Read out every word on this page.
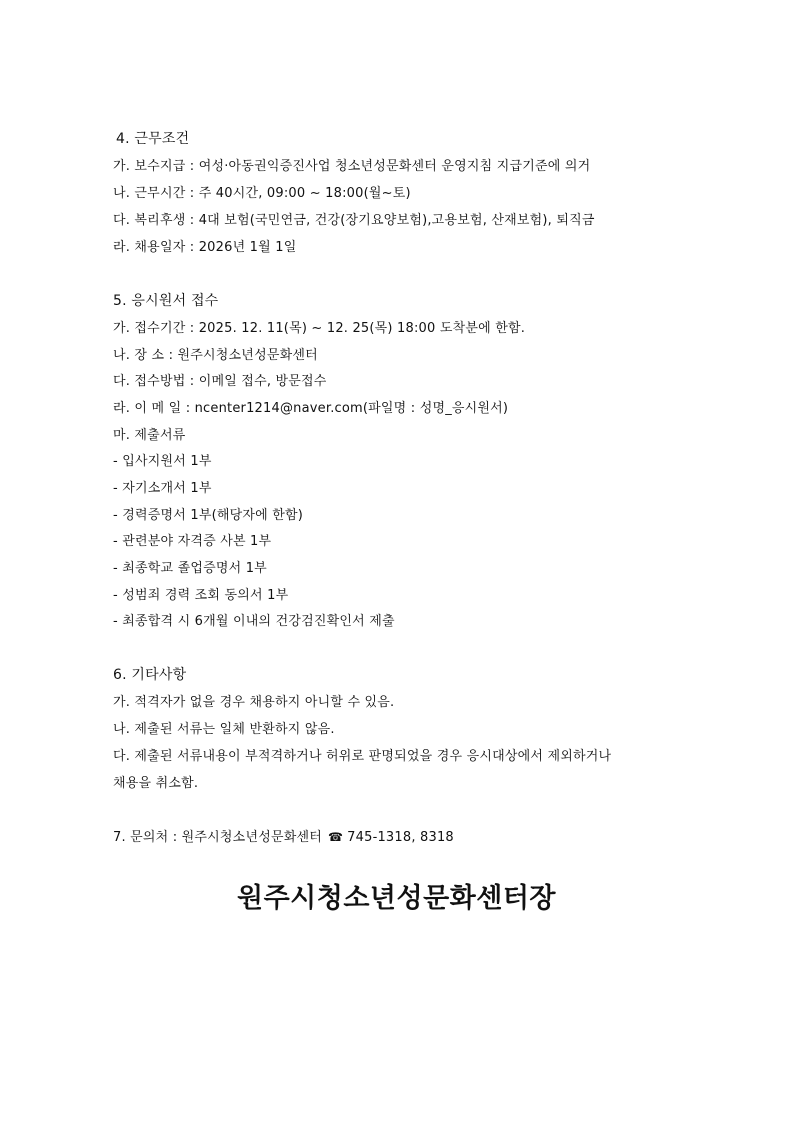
4. 근무조건
가. 보수지급 : 여성·아동권익증진사업 청소년성문화센터 운영지침 지급기준에 의거
나. 근무시간 : 주 40시간, 09:00 ~ 18:00(월~토)
다. 복리후생 : 4대 보험(국민연금, 건강(장기요양보험),고용보험, 산재보험), 퇴직금
라. 채용일자 : 2026년 1월 1일
5. 응시원서 접수
가. 접수기간 : 2025. 12. 11(목) ~ 12. 25(목) 18:00 도착분에 한함.
나. 장 소 : 원주시청소년성문화센터
다. 접수방법 : 이메일 접수, 방문접수
라. 이 메 일 : ncenter1214@naver.com(파일명 : 성명_응시원서)
마. 제출서류
- 입사지원서 1부
- 자기소개서 1부
- 경력증명서 1부(해당자에 한함)
- 관련분야 자격증 사본 1부
- 최종학교 졸업증명서 1부
- 성범죄 경력 조회 동의서 1부
- 최종합격 시 6개월 이내의 건강검진확인서 제출
6. 기타사항
가. 적격자가 없을 경우 채용하지 아니할 수 있음.
나. 제출된 서류는 일체 반환하지 않음.
다. 제출된 서류내용이 부적격하거나 허위로 판명되었을 경우 응시대상에서 제외하거나
채용을 취소함.
7. 문의처 : 원주시청소년성문화센터 ☎ 745-1318, 8318
원주시청소년성문화센터장
